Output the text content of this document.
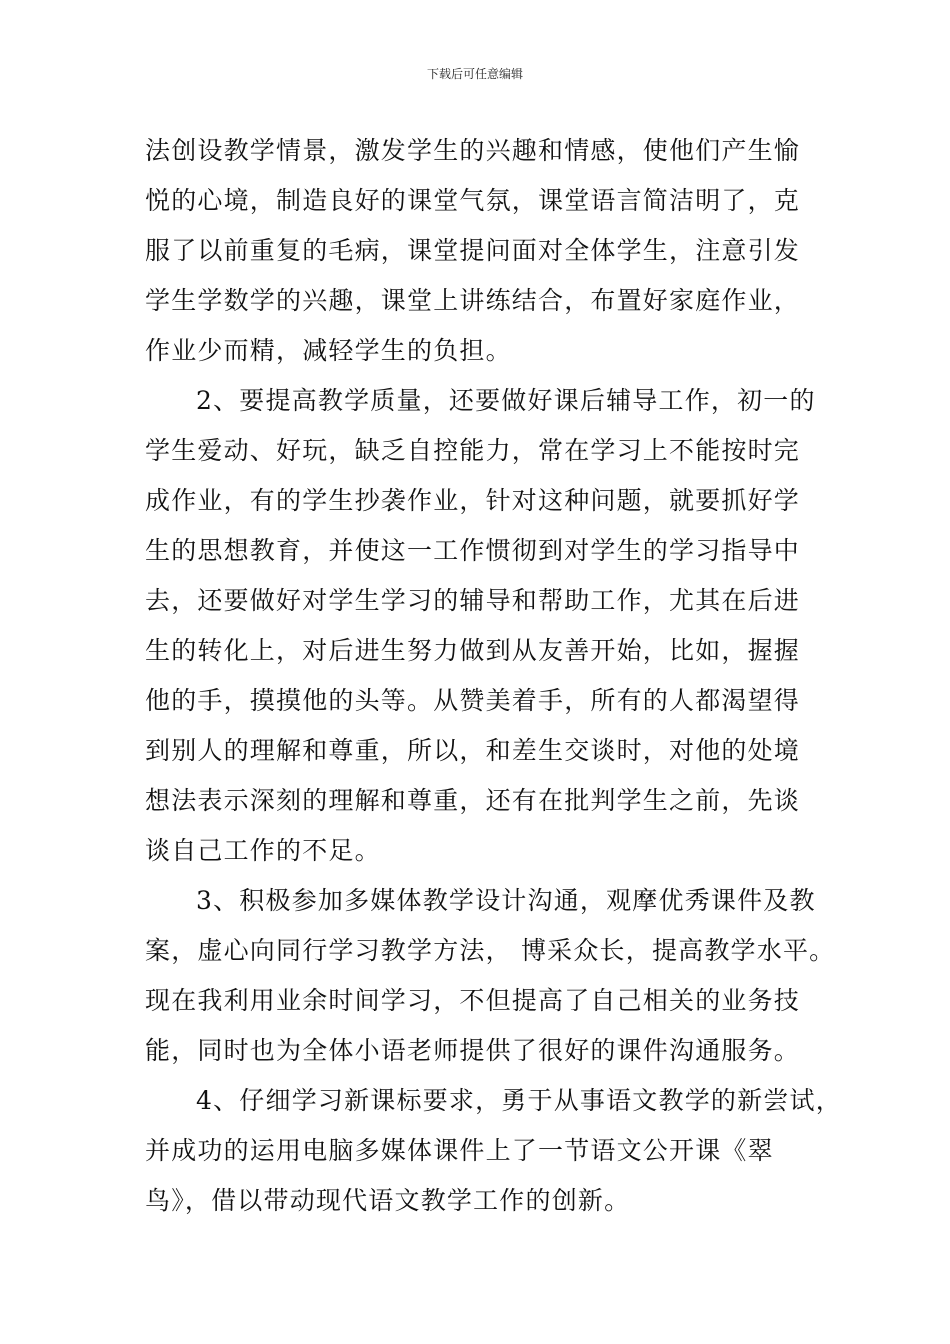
下载后可任意编辑
法创设教学情景，激发学生的兴趣和情感，使他们产生愉
悦的心境，制造良好的课堂气氛，课堂语言简洁明了，克
服了以前重复的毛病，课堂提问面对全体学生，注意引发
学生学数学的兴趣，课堂上讲练结合，布置好家庭作业，
作业少而精，减轻学生的负担。
2、要提高教学质量，还要做好课后辅导工作，初一的
学生爱动、好玩，缺乏自控能力，常在学习上不能按时完
成作业，有的学生抄袭作业，针对这种问题，就要抓好学
生的思想教育，并使这一工作惯彻到对学生的学习指导中
去，还要做好对学生学习的辅导和帮助工作，尤其在后进
生的转化上，对后进生努力做到从友善开始，比如，握握
他的手，摸摸他的头等。从赞美着手，所有的人都渴望得
到别人的理解和尊重，所以，和差生交谈时，对他的处境
想法表示深刻的理解和尊重，还有在批判学生之前，先谈
谈自己工作的不足。
3、积极参加多媒体教学设计沟通，观摩优秀课件及教
案，虚心向同行学习教学方法， 博采众长，提高教学水平。
现在我利用业余时间学习，不但提高了自己相关的业务技
能，同时也为全体小语老师提供了很好的课件沟通服务。
4、仔细学习新课标要求，勇于从事语文教学的新尝试，
并成功的运用电脑多媒体课件上了一节语文公开课《翠
鸟》，借以带动现代语文教学工作的创新。
